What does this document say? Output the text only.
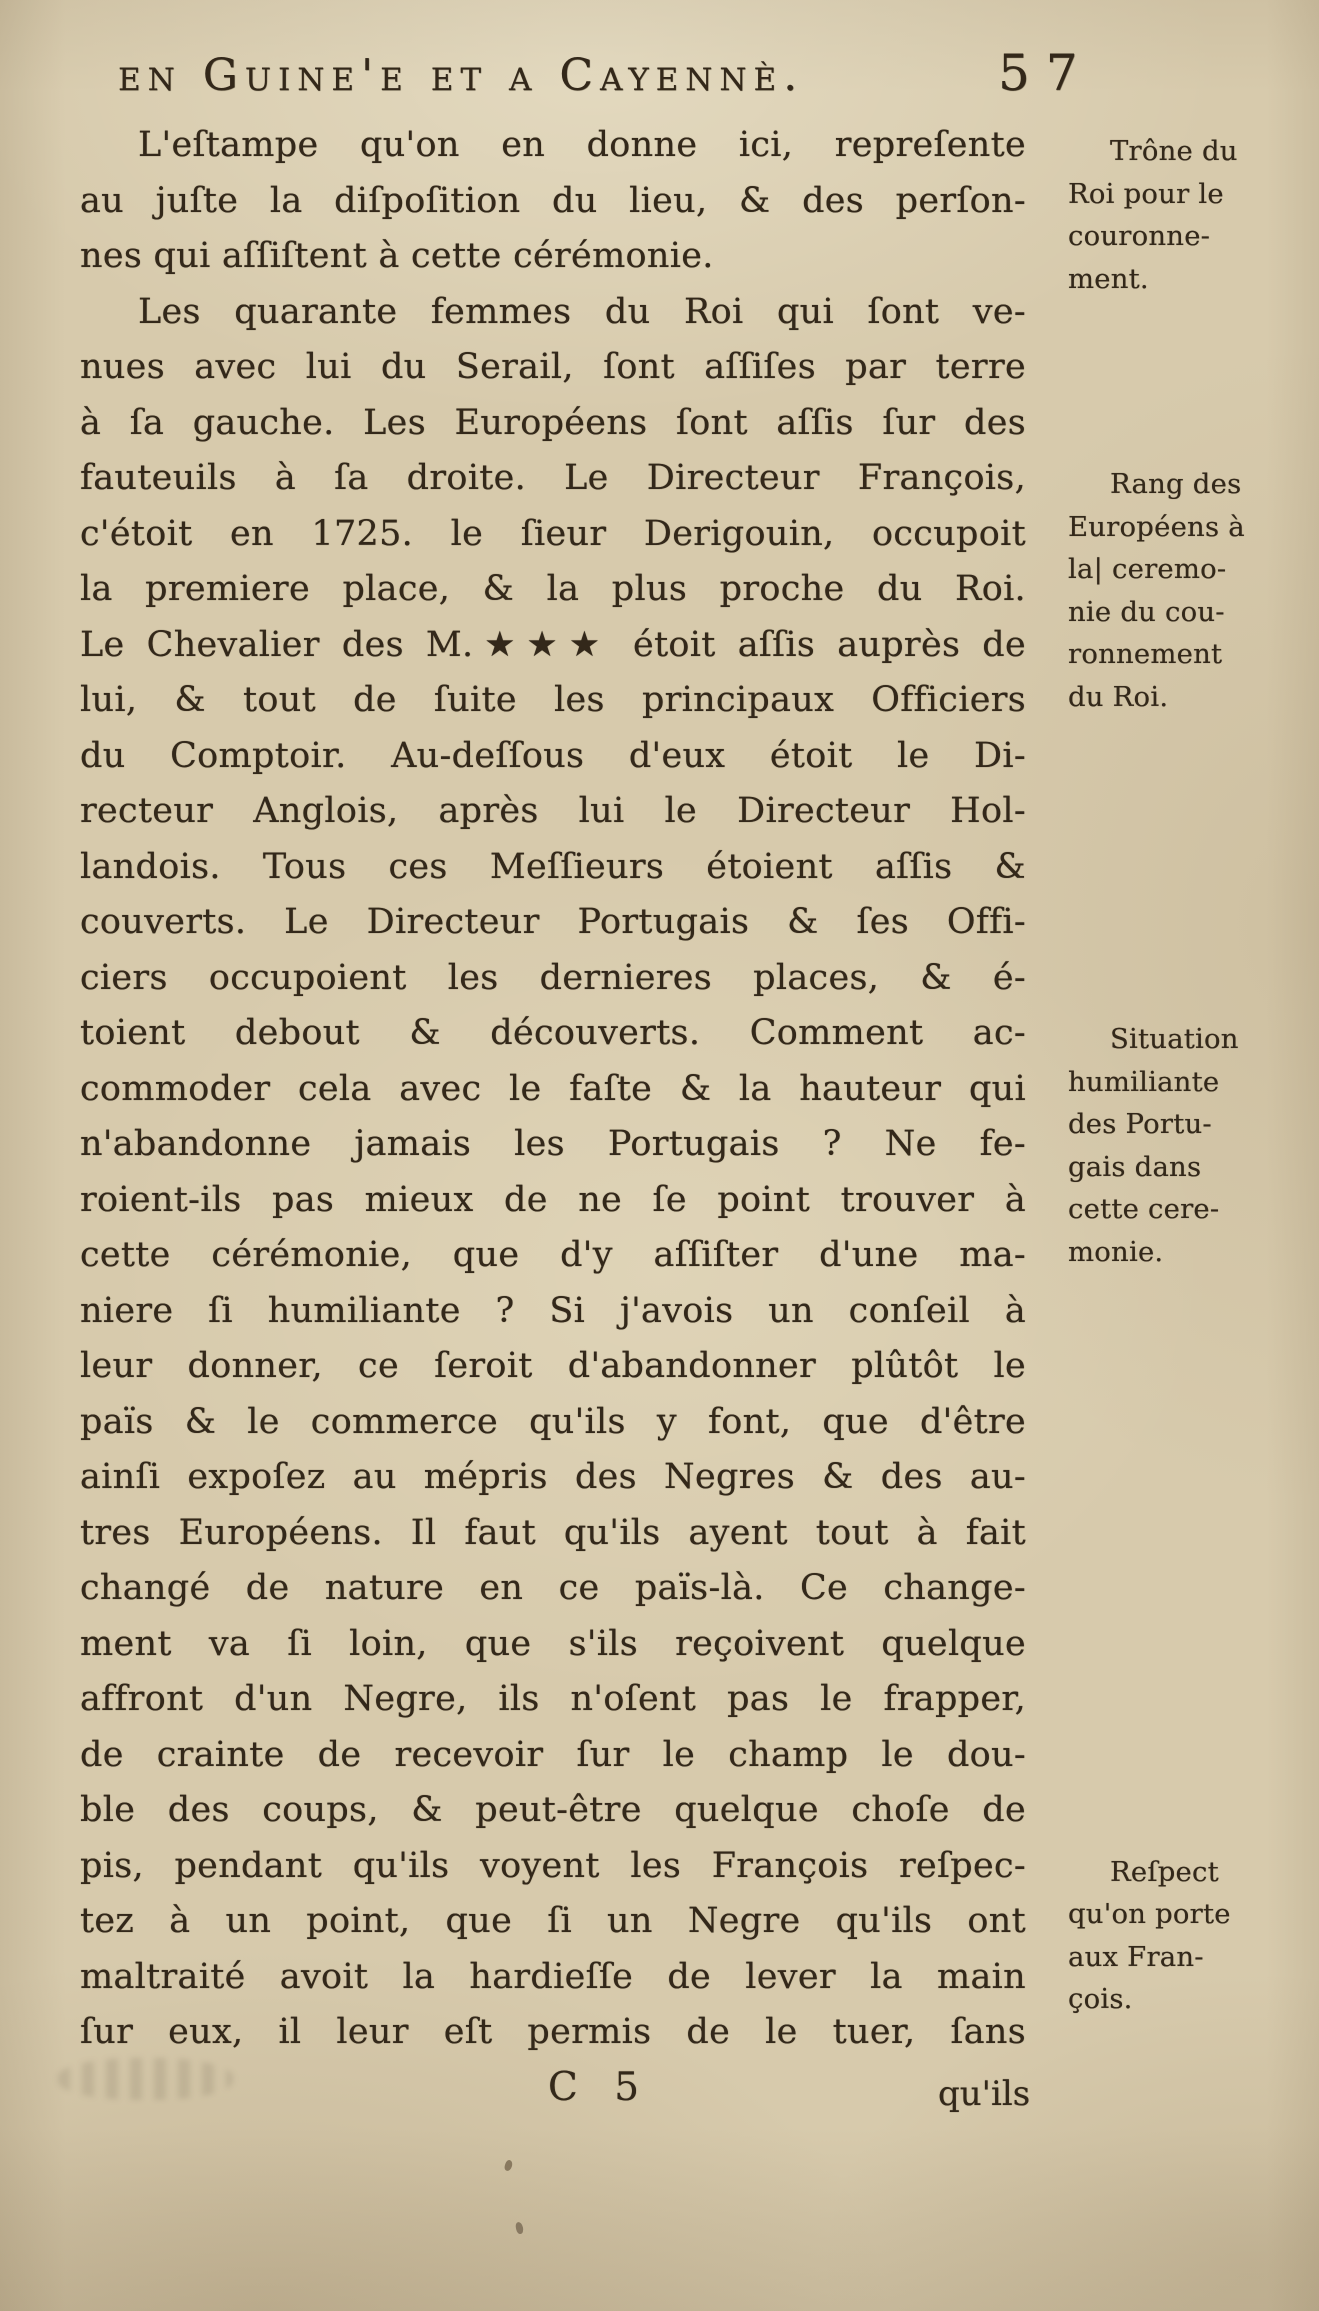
en Guine'e et a Cayennè.	57
L'eſtampe qu'on en donne ici, repreſente
au juſte la diſpoſition du lieu, & des perſon-
nes qui aſſiſtent à cette cérémonie.
Les quarante femmes du Roi qui ſont ve-
nues avec lui du Serail, ſont aſſiſes par terre
à ſa gauche. Les Européens ſont aſſis ſur des
fauteuils à ſa droite. Le Directeur François,
c'étoit en 1725. le ſieur Derigouin, occupoit
la premiere place, & la plus proche du Roi.
Le Chevalier des M.★★★ étoit aſſis auprès de
lui, & tout de ſuite les principaux Officiers
du Comptoir. Au-deſſous d'eux étoit le Di-
recteur Anglois, après lui le Directeur Hol-
landois. Tous ces Meſſieurs étoient aſſis &
couverts. Le Directeur Portugais & ſes Offi-
ciers occupoient les dernieres places, & é-
toient debout & découverts. Comment ac-
commoder cela avec le faſte & la hauteur qui
n'abandonne jamais les Portugais ? Ne fe-
roient-ils pas mieux de ne ſe point trouver à
cette cérémonie, que d'y aſſiſter d'une ma-
niere ſi humiliante ? Si j'avois un conſeil à
leur donner, ce ſeroit d'abandonner plûtôt le
païs & le commerce qu'ils y font, que d'être
ainſi expoſez au mépris des Negres & des au-
tres Européens. Il faut qu'ils ayent tout à fait
changé de nature en ce païs-là. Ce change-
ment va ſi loin, que s'ils reçoivent quelque
affront d'un Negre, ils n'oſent pas le frapper,
de crainte de recevoir ſur le champ le dou-
ble des coups, & peut-être quelque choſe de
pis, pendant qu'ils voyent les François reſpec-
tez à un point, que ſi un Negre qu'ils ont
maltraité avoit la hardieſſe de lever la main
ſur eux, il leur eſt permis de le tuer, ſans
Trône du
Roi pour le
couronne-
ment.
Rang des
Européens à
la| ceremo-
nie du cou-
ronnement
du Roi.
Situation
humiliante
des Portu-
gais dans
cette cere-
monie.
Reſpect
qu'on porte
aux Fran-
çois.
C 5	qu'ils
